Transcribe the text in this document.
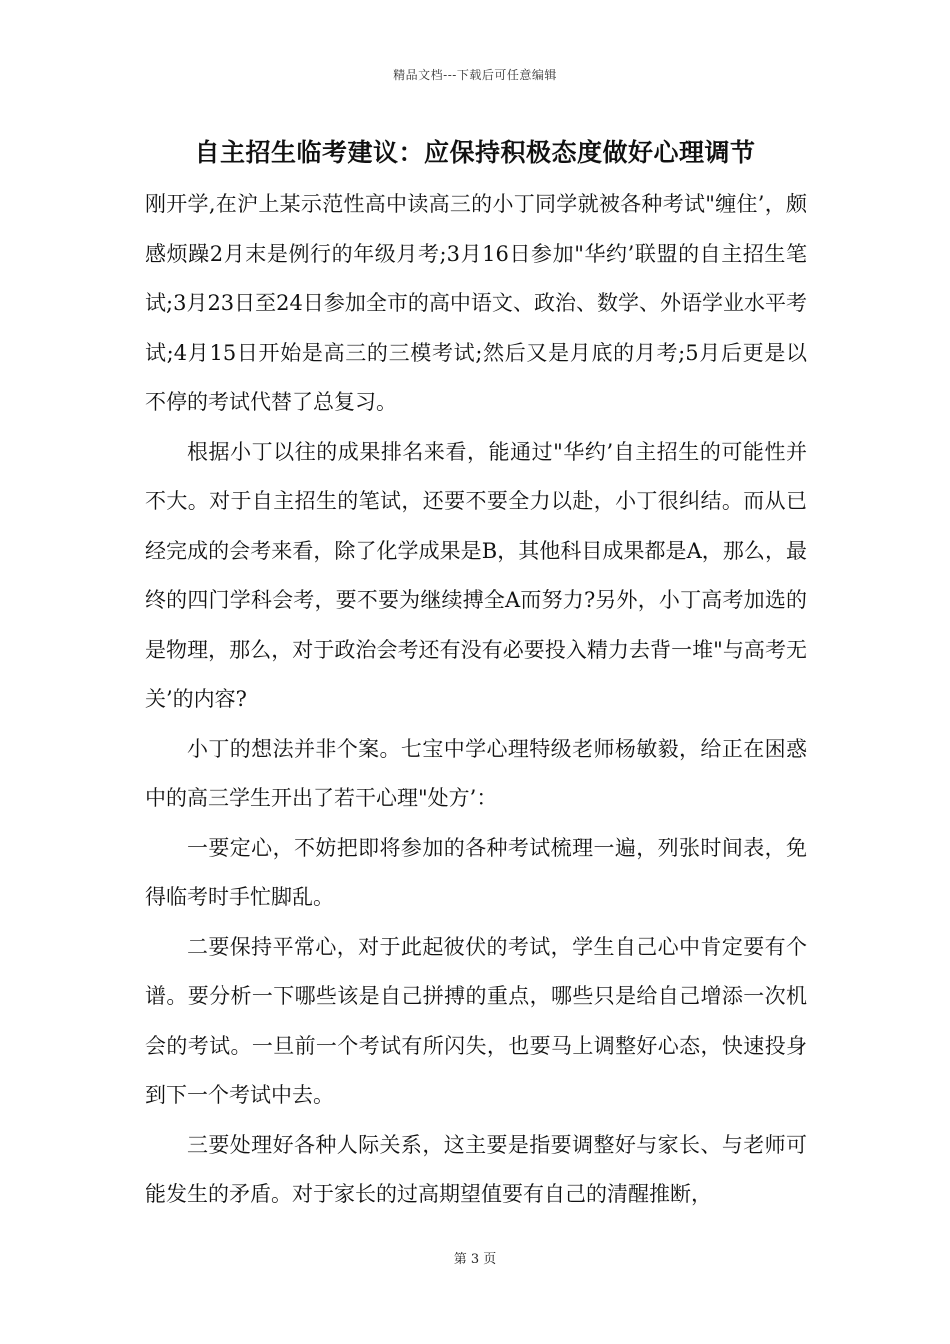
精品文档---下载后可任意编辑
自主招生临考建议：应保持积极态度做好心理调节

刚开学,在沪上某示范性高中读高三的小丁同学就被各种考试"缠住’，颇感烦躁2月末是例行的年级月考;3月16日参加"华约’联盟的自主招生笔试;3月23日至24日参加全市的高中语文、政治、数学、外语学业水平考试;4月15日开始是高三的三模考试;然后又是月底的月考;5月后更是以不停的考试代替了总复习。

根据小丁以往的成果排名来看，能通过"华约’自主招生的可能性并不大。对于自主招生的笔试，还要不要全力以赴，小丁很纠结。而从已经完成的会考来看，除了化学成果是B，其他科目成果都是A，那么，最终的四门学科会考，要不要为继续搏全A而努力?另外，小丁高考加选的是物理，那么，对于政治会考还有没有必要投入精力去背一堆"与高考无关’的内容?

小丁的想法并非个案。七宝中学心理特级老师杨敏毅，给正在困惑中的高三学生开出了若干心理"处方’：

一要定心，不妨把即将参加的各种考试梳理一遍，列张时间表，免得临考时手忙脚乱。

二要保持平常心，对于此起彼伏的考试，学生自己心中肯定要有个谱。要分析一下哪些该是自己拼搏的重点，哪些只是给自己增添一次机会的考试。一旦前一个考试有所闪失，也要马上调整好心态，快速投身到下一个考试中去。

三要处理好各种人际关系，这主要是指要调整好与家长、与老师可能发生的矛盾。对于家长的过高期望值要有自己的清醒推断，

第 3 页
